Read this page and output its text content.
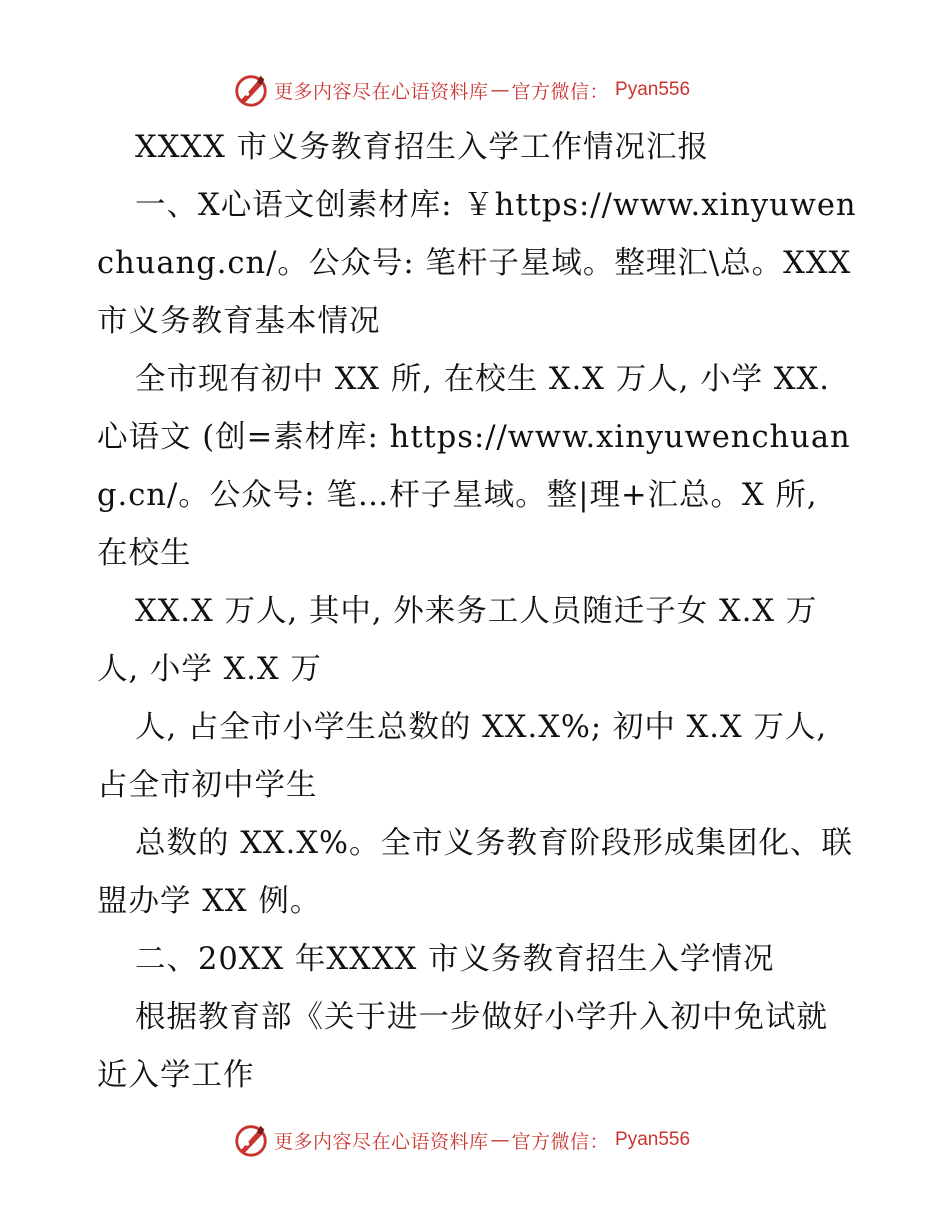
更多内容尽在心语资料库 — 官方微信： Pyan556

XXXX 市义务教育招生入学工作情况汇报

一、X心语文创素材库: ￥https://www.xinyuwenchuang.cn/。公众号: 笔杆子星域。整理汇\总。XXX 市义务教育基本情况

全市现有初中 XX 所, 在校生 X.X 万人, 小学 XX.心语文 (创=素材库: https://www.xinyuwenchuang.cn/。公众号: 笔…杆子星域。整|理+汇总。X 所, 在校生

XX.X 万人, 其中, 外来务工人员随迁子女 X.X 万人, 小学 X.X 万

人, 占全市小学生总数的 XX.X%; 初中 X.X 万人, 占全市初中学生

总数的 XX.X%。全市义务教育阶段形成集团化、联盟办学 XX 例。

二、20XX 年XXXX 市义务教育招生入学情况

根据教育部《关于进一步做好小学升入初中免试就近入学工作

更多内容尽在心语资料库 — 官方微信： Pyan556
